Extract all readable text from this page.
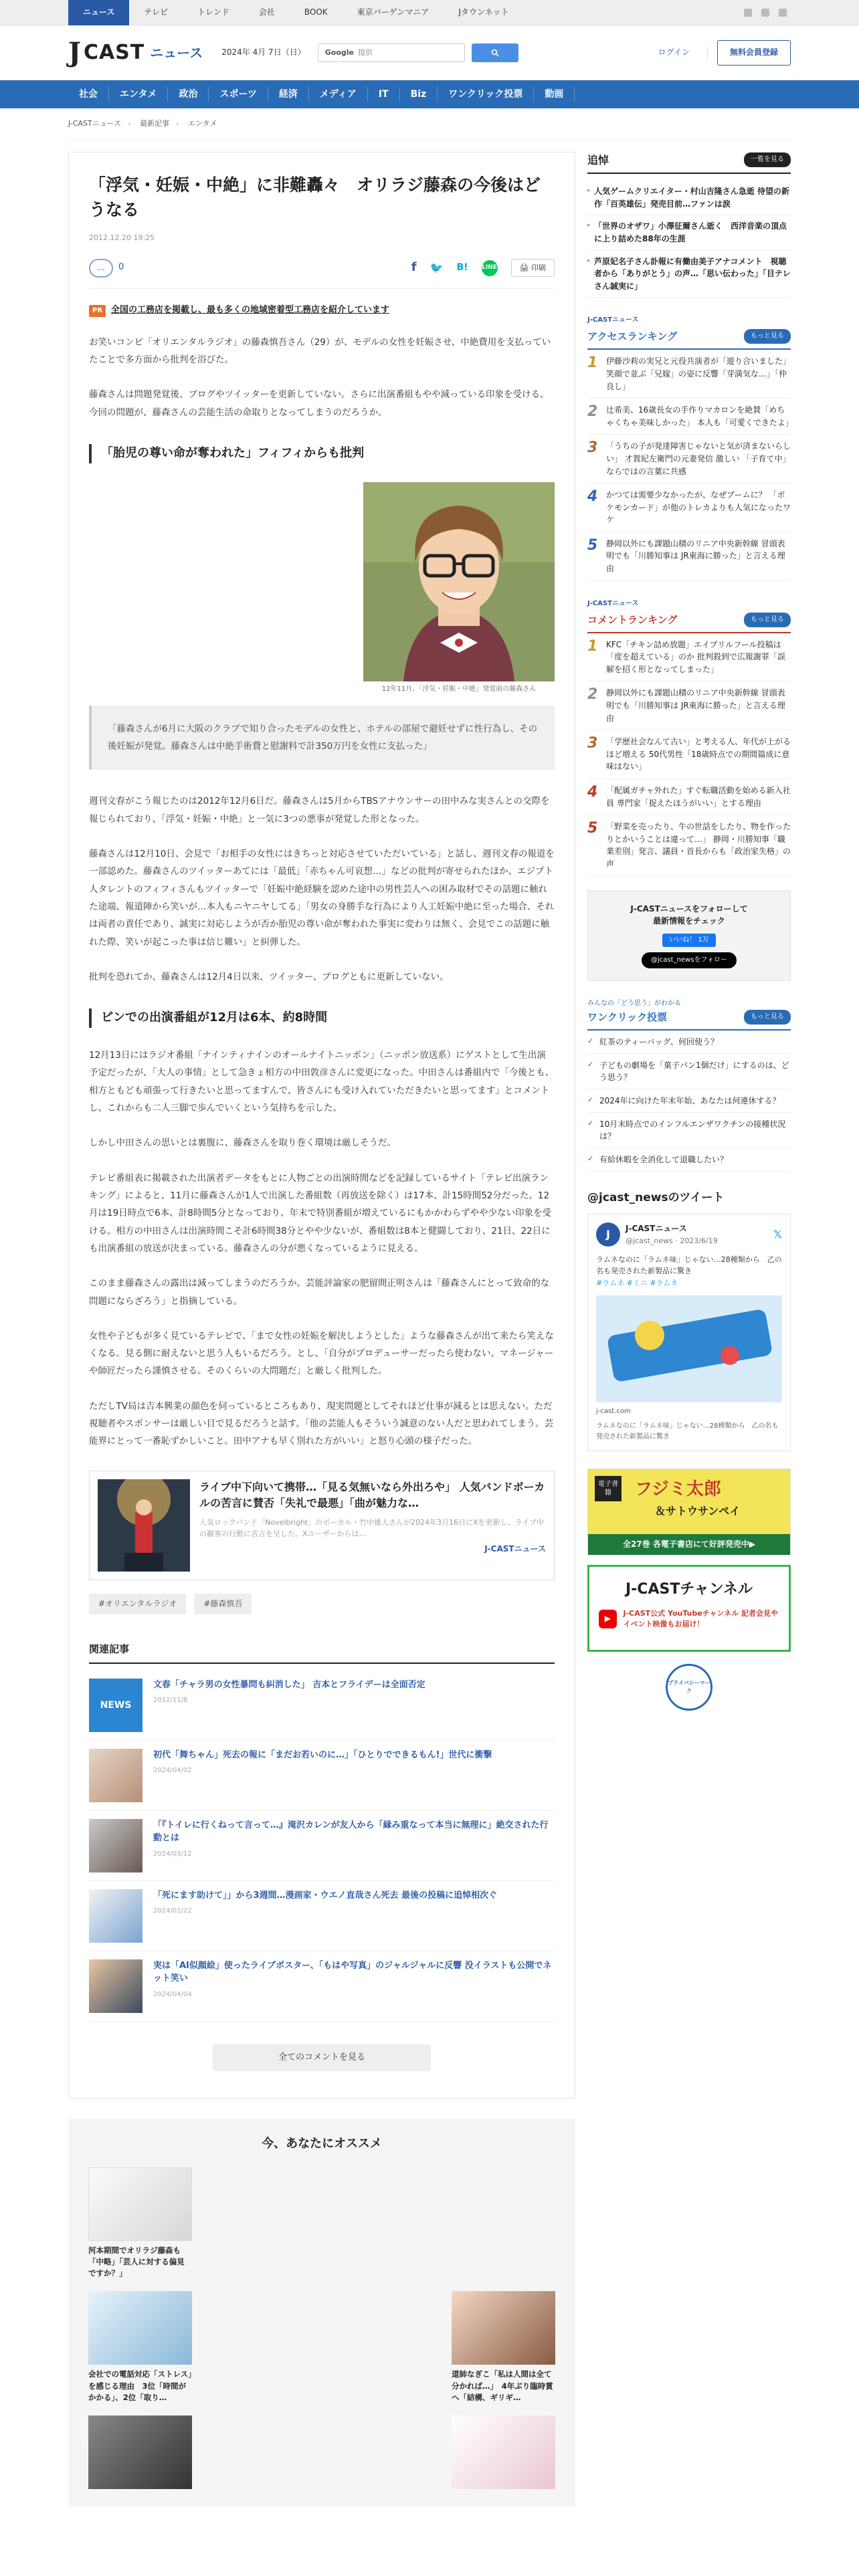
ニュース	テレビ	トレンド	会社	BOOK	東京バーゲンマニア	Jタウンネット
J CAST ニュース 2024年 4月 7日（日）	Google 提供	ログイン	無料会員登録
社会	エンタメ	政治	スポーツ	経済	メディア	IT	Biz	ワンクリック投票	動画
J-CASTニュース › 最新記事 › エンタメ
「浮気・妊娠・中絶」に非難轟々　オリラジ藤森の今後はどうなる
2012.12.20 19:25
…	0	f 🐦 B! LINE	🖨 印刷
PR 全国の工務店を掲載し、最も多くの地域密着型工務店を紹介しています

お笑いコンビ「オリエンタルラジオ」の藤森慎吾さん（29）が、モデルの女性を妊娠させ、中絶費用を支払っていたことで多方面から批判を浴びた。

藤森さんは問題発覚後、ブログやツイッターを更新していない。さらに出演番組もやや減っている印象を受ける。今回の問題が、藤森さんの芸能生活の命取りとなってしまうのだろうか。

「胎児の尊い命が奪われた」フィフィからも批判
12年11月、「浮気・妊娠・中絶」発覚前の藤森さん
「藤森さんが6月に大阪のクラブで知り合ったモデルの女性と、ホテルの部屋で避妊せずに性行為し、その後妊娠が発覚。藤森さんは中絶手術費と慰謝料で計350万円を女性に支払った」

週刊文春がこう報じたのは2012年12月6日だ。藤森さんは5月からTBSアナウンサーの田中みな実さんとの交際を報じられており、「浮気・妊娠・中絶」と一気に3つの悪事が発覚した形となった。

藤森さんは12月10日、会見で「お相手の女性にはきちっと対応させていただいている」と話し、週刊文春の報道を一部認めた。藤森さんのツイッターあてには「最低」「赤ちゃん可哀想…」などの批判が寄せられたほか、エジプト人タレントのフィフィさんもツイッターで「妊娠中絶経験を認めた途中の男性芸人への困み取材でその話題に触れた途端、報道陣から笑いが…本人もニヤニヤしてる」「男女の身勝手な行為により人工妊娠中絶に至った場合、それは両者の責任であり、誠実に対応しようが否か胎児の尊い命が奪われた事実に変わりは無く、会見でこの話題に触れた際、笑いが起こった事は信じ難い」と糾弾した。

批判を恐れてか、藤森さんは12月4日以来、ツイッター、ブログともに更新していない。

ピンでの出演番組が12月は6本、約8時間

12月13日にはラジオ番組「ナインティナインのオールナイトニッポン」（ニッポン放送系）にゲストとして生出演予定だったが、「大人の事情」として急きょ相方の中田敦彦さんに変更になった。中田さんは番組内で「今後とも、相方ともども頑張って行きたいと思ってますんで、皆さんにも受け入れていただきたいと思ってます」とコメントし、これからも二人三脚で歩んでいくという気持ちを示した。

しかし中田さんの思いとは裏腹に、藤森さんを取り巻く環境は厳しそうだ。

テレビ番組表に掲載された出演者データをもとに人物ごとの出演時間などを記録しているサイト「テレビ出演ランキング」によると、11月に藤森さんが1人で出演した番組数（再放送を除く）は17本、計15時間52分だった。12月は19日時点で6本、計8時間5分となっており、年末で特別番組が増えているにもかかわらずやや少ない印象を受ける。相方の中田さんは出演時間こそ計6時間38分とやや少ないが、番組数は8本と健闘しており、21日、22日にも出演番組の放送が決まっている。藤森さんの分が悪くなっているように見える。

このまま藤森さんの露出は減ってしまうのだろうか。芸能評論家の肥留間正明さんは「藤森さんにとって致命的な問題にならざろう」と指摘している。

女性や子どもが多く見ているテレビで、「まで女性の妊娠を解決しようとした」ような藤森さんが出て来たら笑えなくなる。見る側に耐えないと思う人もいるだろう。とし、「自分がプロデューサーだったら使わない。マネージャーや師匠だったら謹慎させる。そのくらいの大問題だ」と厳しく批判した。

ただしTV局は吉本興業の顔色を伺っているところもあり、現実問題としてそれほど仕事が減るとは思えない。ただ視聴者やスポンサーは厳しい目で見るだろうと話す。「他の芸能人もそういう誠意のない人だと思われてしまう。芸能界にとって一番恥ずかしいこと。田中アナも早く別れた方がいい」と怒り心頭の様子だった。

ライブ中下向いて携帯…「見る気無いなら外出ろや」 人気バンドボーカルの苦言に賛否「失礼で最悪」「曲が魅力な…
人気ロックバンド「Novelbright」のボーカル・竹中雄大さんが2024年3月16日にXを更新し、ライブ中の観客の行動に苦言を呈した。Xユーザーからは…
J-CASTニュース
#オリエンタルラジオ	#藤森慎吾
関連記事
NEWS
文春「チャラ男の女性暴問も糾消した」 吉本とフライデーは全面否定
2012/11/8
初代「舞ちゃん」死去の報に「まだお若いのに…」「ひとりでできるもん!」世代に衝撃
2024/04/02
「『トイレに行くねって言って…』滝沢カレンが友人から「縁み重なって本当に無理に」絶交された行動とは
2024/03/12
「死にます助けて」」から3週間…漫画家・ウエノ直哉さん死去 最後の投稿に追悼相次ぐ
2024/01/22
実は「AI似顔絵」使ったライブポスター、「もはや写真」のジャルジャルに反響 没イラストも公開でネット笑い
2024/04/04
全てのコメントを見る
今、あなたにオススメ
河本期間でオリラジ藤森も「中略」「芸人に対する偏見ですか？」
会社での電話対応「ストレス」を感じる理由　3位「時間がかかる」、2位「取り…
道帥なぎこ「私は人間は全て分かれば…」　4年ぶり臨時賞へ「結構、ギリギ…
追悼	一覧を見る
▸ 人気ゲームクリエイター・村山吉隆さん急逝 待望の新作「百英雄伝」発売目前…ファンは涙
▸ 「世界のオザワ」小澤征爾さん逝く　西洋音楽の頂点に上り詰めた88年の生涯
▸ 芦原妃名子さん訃報に有働由美子アナコメント　視聴者から「ありがとう」の声…「思い伝わった」「目テレさん誠実に」
J-CASTニュース
アクセスランキング	もっと見る
1 伊藤沙莉の実兄と元役共演者が「遊り合いました」 笑顔で並ぶ「兄嫁」の姿に反響「芽満気な…」「仲良し」
2 辻希美、16歳長女の手作りマカロンを絶賛「めちゃくちゃ美味しかった」 本人も「可愛くできたよ」
3 「うちの子が発達障害じゃないと気が済まないらしい」 才賀紀左衛門の元妻発信 激しい 「子育て中」ならではの言葉に共感
4 かつては需要少なかったが、なぜブームに？ 「ポケモンカード」が他のトレカよりも人気になったワケ
5 静岡以外にも課題山積のリニア中央新幹線 冒頭表明でも「川勝知事は JR東海に勝った」と言える理由
J-CASTニュース
コメントランキング	もっと見る
1 KFC「チキン詰め放題」エイプリルフール投稿は「度を超えている」のか 批判殺到で広報謝罪「誤解を招く形となってしまった」
2 静岡以外にも課題山積のリニア中央新幹線 冒頭表明でも「川勝知事は JR東海に勝った」と言える理由
3 「学歴社会なんて古い」と考える人、年代が上がるほど増える 50代男性「18歳時点での期間篇成に意味はない」
4 「配属ガチャ外れた」すぐ転職活動を始める新入社員 専門家「捉えたほうがいい」とする理由
5 「野菜を売ったり、牛の世話をしたり、物を作ったりとかいうことは違って…」 静岡・川勝知事「職業差別」発言、議員・首長からも「政治家失格」の声
J-CASTニュースをフォローして
最新情報をチェック
いいね！ 1万
@jcast_newsをフォロー
みんなの「どう思う」がわかる
ワンクリック投票	もっと見る
✓ 紅茶のティーバッグ、何回使う？
✓ 子どもの劇場を「菓子パン1個だけ」にするのは、どう思う？
✓ 2024年に向けた年末年始、あなたは何連休する？
✓ 10月末時点でのインフルエンザワクチンの接種状況は？
✓ 有給休暇を全消化して退職したい？
@jcast_newsのツイート
J	J-CASTニュース
@jcast_news · 2023/6/19
𝕏
ラムネなのに「ラムネ味」じゃない…28種類から　乙の名も発売された新製品に驚き
#ラムネ #ミニ #ラムネ
j-cast.com
ラムネなのに「ラムネ味」じゃない…28種類から　乙の名も発売された新製品に驚き
電子書籍	フジミ太郎
＆サトウサンペイ
全27巻 各電子書店にて好評発売中▶
J-CASTチャンネル
▶
J-CAST公式 YouTubeチャンネル 記者会見やイベント映像もお届け！
プライバシーマーク
